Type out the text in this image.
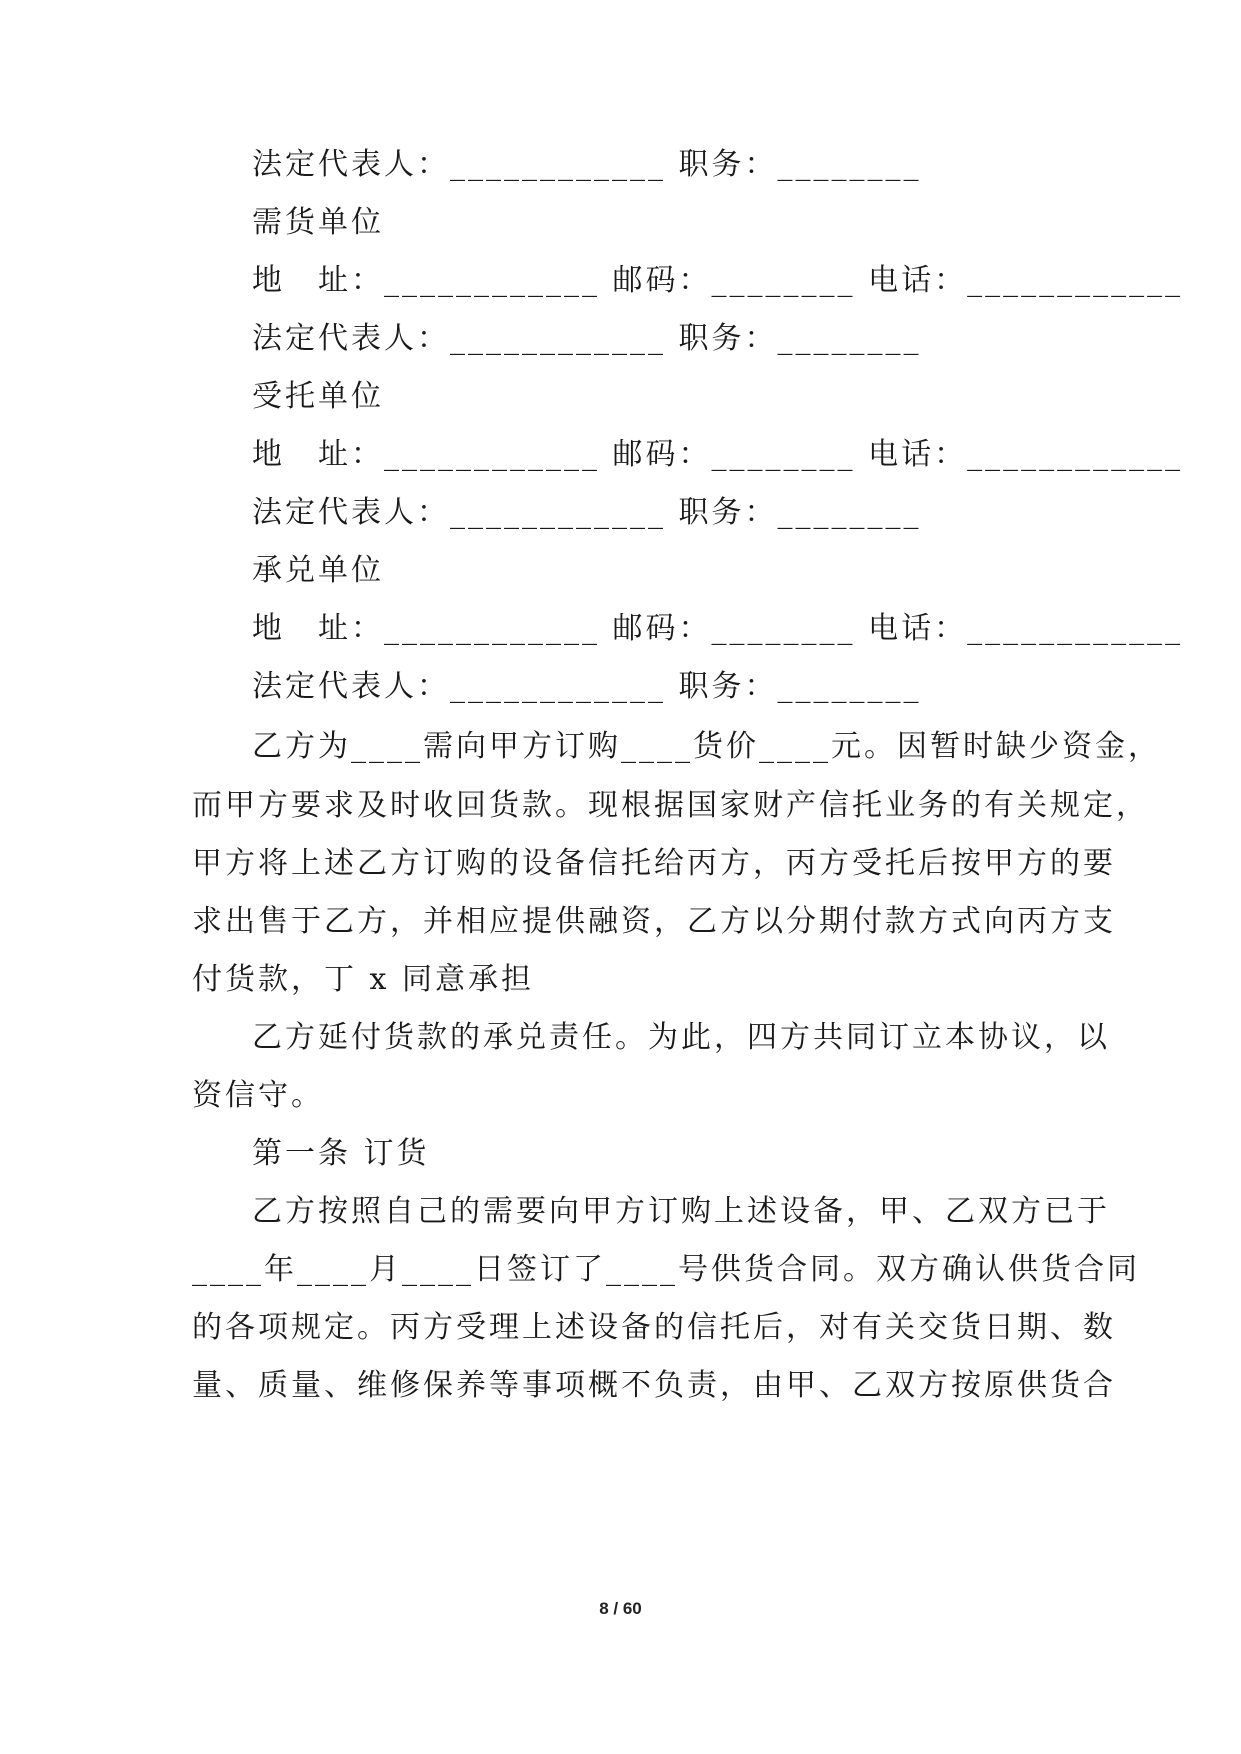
法定代表人：____________ 职务：________
需货单位
地　址：____________ 邮码：________ 电话：____________
法定代表人：____________ 职务：________
受托单位
地　址：____________ 邮码：________ 电话：____________
法定代表人：____________ 职务：________
承兑单位
地　址：____________ 邮码：________ 电话：____________
法定代表人：____________ 职务：________
乙方为____需向甲方订购____货价____元。因暂时缺少资金，
而甲方要求及时收回货款。现根据国家财产信托业务的有关规定，
甲方将上述乙方订购的设备信托给丙方，丙方受托后按甲方的要
求出售于乙方，并相应提供融资，乙方以分期付款方式向丙方支
付货款，丁 x 同意承担
乙方延付货款的承兑责任。为此，四方共同订立本协议，以
资信守。
第一条 订货
乙方按照自己的需要向甲方订购上述设备，甲、乙双方已于
____年____月____日签订了____号供货合同。双方确认供货合同
的各项规定。丙方受理上述设备的信托后，对有关交货日期、数
量、质量、维修保养等事项概不负责，由甲、乙双方按原供货合
8 / 60
